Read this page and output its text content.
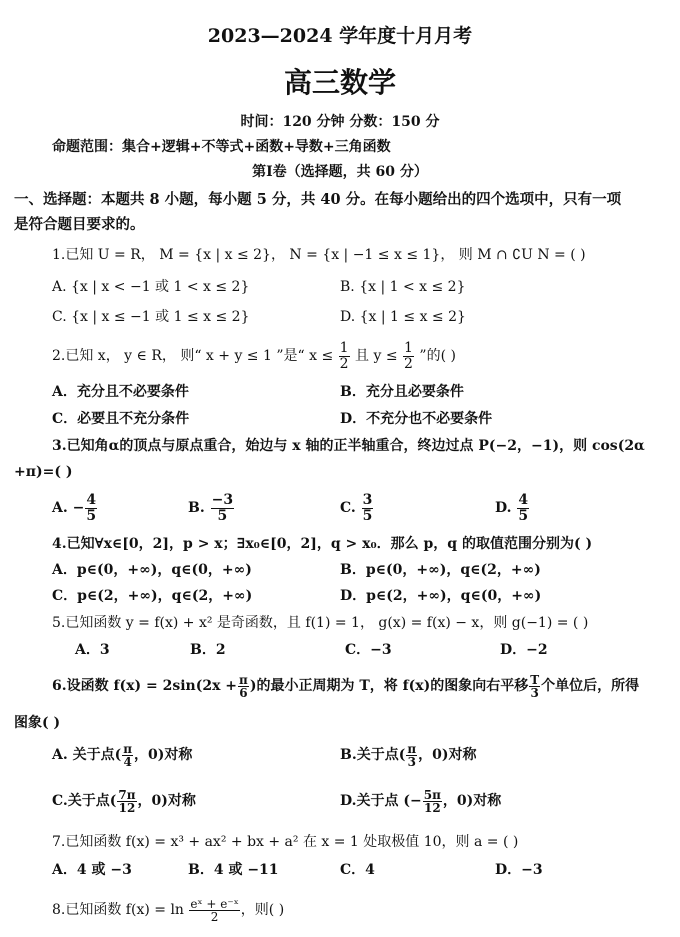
2023—2024 学年度十月月考
高三数学
时间：120 分钟 分数：150 分
命题范围：集合+逻辑+不等式+函数+导数+三角函数
第Ⅰ卷（选择题，共 60 分）
一、选择题：本题共 8 小题，每小题 5 分，共 40 分。在每小题给出的四个选项中，只有一项
是符合题目要求的。
1.已知 U = R， M = {x | x ≤ 2}， N = {x | −1 ≤ x ≤ 1}， 则 M ∩ ∁U N = ( )
A. {x | x < −1 或 1 < x ≤ 2}	B. {x | 1 < x ≤ 2}
C. {x | x ≤ −1 或 1 ≤ x ≤ 2}	D. {x | 1 ≤ x ≤ 2}
2.已知 x， y ∈ R， 则“ x + y ≤ 1 ”是“ $x \le \frac{1}{2}$ 且 $y \le \frac{1}{2}$ ”的( )
A．充分且不必要条件	B．充分且必要条件
C．必要且不充分条件	D．不充分也不必要条件
3.已知角α的顶点与原点重合，始边与 x 轴的正半轴重合，终边过点 P(−2，−1)，则 cos(2α
+π)=( )
A. − $\frac{4}{5}$	B. $\frac{-3}{5}$	C. $\frac{3}{5}$	D. $\frac{4}{5}$
4.已知∀x∈[0，2]，p > x；∃x₀∈[0，2]，q > x₀．那么 p，q 的取值范围分别为( )
A．p∈(0，+∞)，q∈(0，+∞)	B．p∈(0，+∞)，q∈(2，+∞)
C．p∈(2，+∞)，q∈(2，+∞)	D．p∈(2，+∞)，q∈(0，+∞)
5.已知函数 y = f(x) + x² 是奇函数，且 f(1) = 1， g(x) = f(x) − x，则 g(−1) = ( )
A．3	B．2	C．−3	D．−2
6.设函数 $f(x) = 2\sin(2x + \frac{\pi}{6}$ )的最小正周期为 T，将 f(x)的图象向右平移 $\frac{T}{3}$ 个单位后，所得
图象( )
A. 关于点( $\frac{\pi}{4}$ ，0)对称	B.关于点( $\frac{\pi}{3}$ ，0)对称
C.关于点( $\frac{7\pi}{12}$ ，0)对称	D.关于点 (− $\frac{5\pi}{12}$ ，0)对称
7.已知函数 f(x) = x³ + ax² + bx + a² 在 x = 1 处取极值 10，则 a = ( )
A．4 或 −3	B．4 或 −11	C．4	D．−3
8.已知函数 $f(x) = \ln \frac{\text{eˣ + e⁻ˣ}}{2}$ ，则( )
